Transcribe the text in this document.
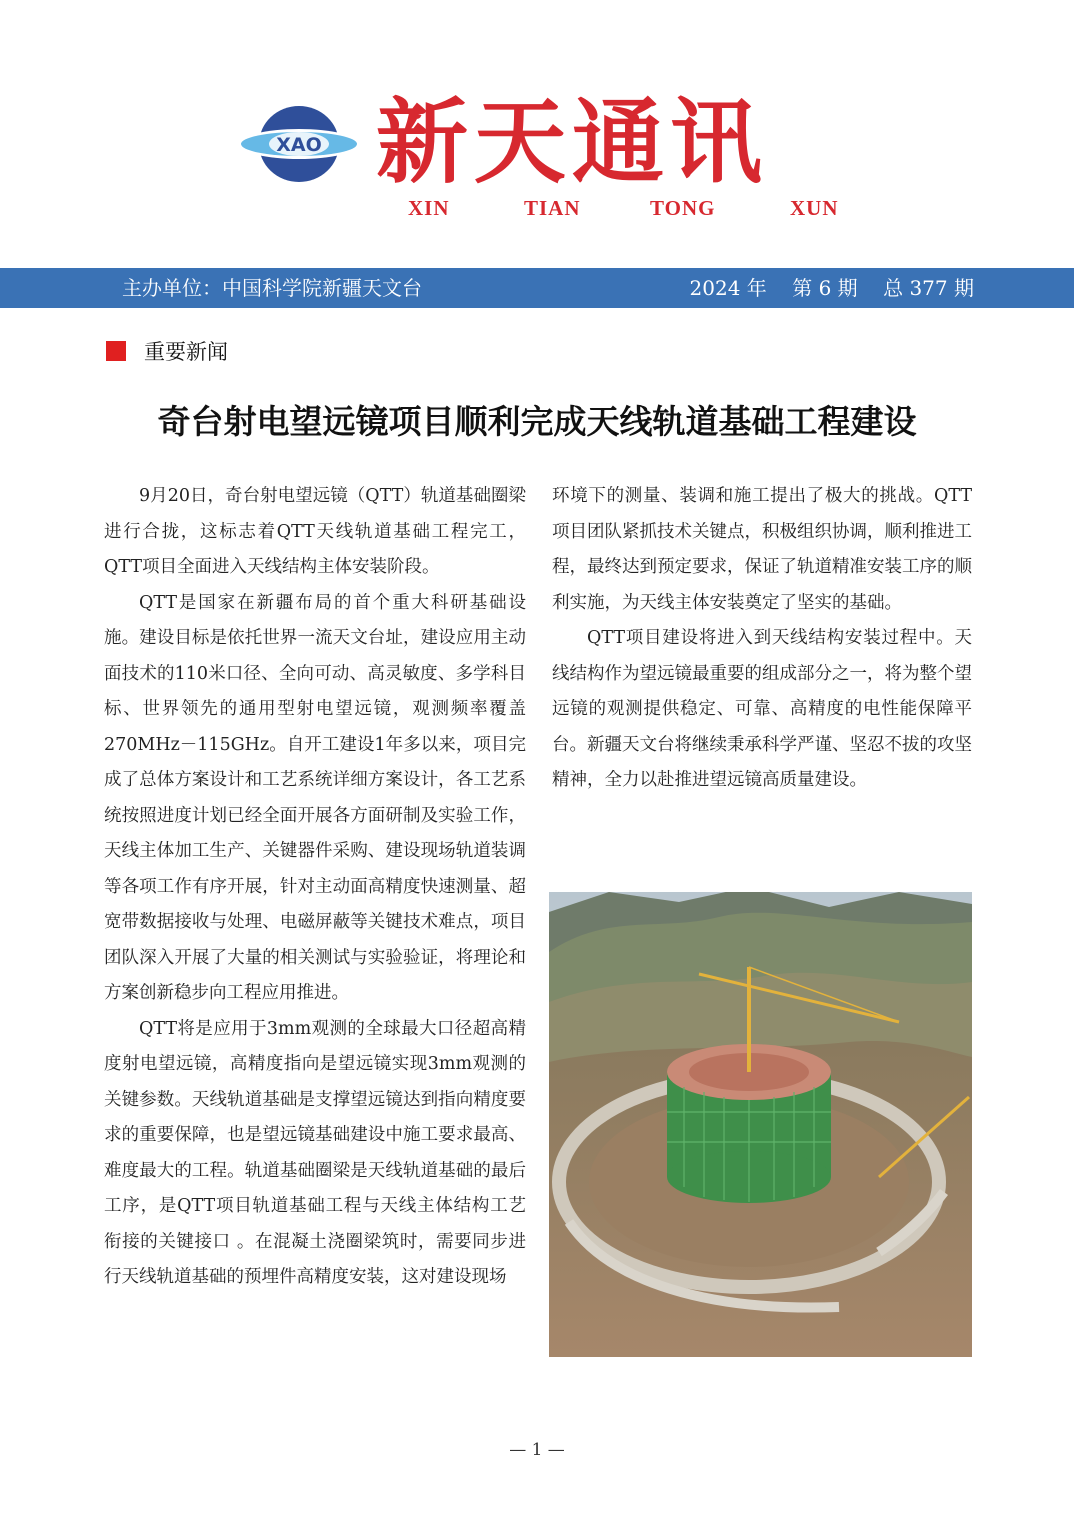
XAO 新天通讯
XIN	TIAN	TONG	XUN
主办单位：中国科学院新疆天文台	2024 年    第 6 期    总 377 期
重要新闻
奇台射电望远镜项目顺利完成天线轨道基础工程建设

9月20日，奇台射电望远镜（QTT）轨道基础圈梁进行合拢，这标志着QTT天线轨道基础工程完工，QTT项目全面进入天线结构主体安装阶段。

QTT是国家在新疆布局的首个重大科研基础设施。建设目标是依托世界一流天文台址，建设应用主动面技术的110米口径、全向可动、高灵敏度、多学科目标、世界领先的通用型射电望远镜，观测频率覆盖270MHz－115GHz。自开工建设1年多以来，项目完成了总体方案设计和工艺系统详细方案设计，各工艺系统按照进度计划已经全面开展各方面研制及实验工作，天线主体加工生产、关键器件采购、建设现场轨道装调等各项工作有序开展，针对主动面高精度快速测量、超宽带数据接收与处理、电磁屏蔽等关键技术难点，项目团队深入开展了大量的相关测试与实验验证，将理论和方案创新稳步向工程应用推进。

QTT将是应用于3mm观测的全球最大口径超高精度射电望远镜，高精度指向是望远镜实现3mm观测的关键参数。天线轨道基础是支撑望远镜达到指向精度要求的重要保障，也是望远镜基础建设中施工要求最高、难度最大的工程。轨道基础圈梁是天线轨道基础的最后工序，是QTT项目轨道基础工程与天线主体结构工艺衔接的关键接口 。在混凝土浇圈梁筑时，需要同步进行天线轨道基础的预埋件高精度安装，这对建设现场

环境下的测量、装调和施工提出了极大的挑战。QTT项目团队紧抓技术关键点，积极组织协调，顺利推进工程，最终达到预定要求，保证了轨道精准安装工序的顺利实施，为天线主体安装奠定了坚实的基础。

QTT项目建设将进入到天线结构安装过程中。天线结构作为望远镜最重要的组成部分之一，将为整个望远镜的观测提供稳定、可靠、高精度的电性能保障平台。新疆天文台将继续秉承科学严谨、坚忍不拔的攻坚精神，全力以赴推进望远镜高质量建设。

— 1 —
